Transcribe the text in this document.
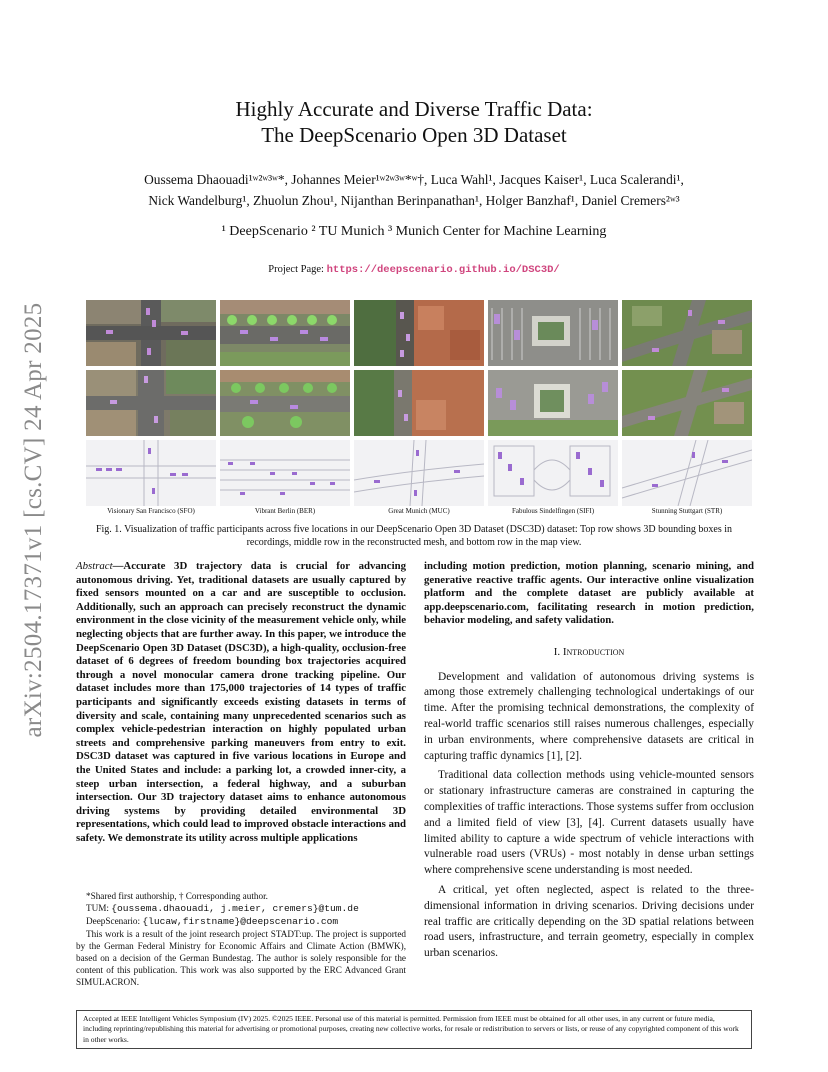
arXiv:2504.17371v1 [cs.CV] 24 Apr 2025
Highly Accurate and Diverse Traffic Data:
The DeepScenario Open 3D Dataset
Oussema Dhaouadi¹ʷ²ʷ³ʷ*, Johannes Meier¹ʷ²ʷ³ʷ*ʷ†, Luca Wahl¹, Jacques Kaiser¹, Luca Scalerandi¹,
Nick Wandelburg¹, Zhuolun Zhou¹, Nijanthan Berinpanathan¹, Holger Banzhaf¹, Daniel Cremers²ʷ³
¹ DeepScenario ² TU Munich ³ Munich Center for Machine Learning
Project Page: https://deepscenario.github.io/DSC3D/
Visionary San Francisco (SFO)	Vibrant Berlin (BER)	Great Munich (MUC)	Fabulous Sindelfingen (SIFI)	Stunning Stuttgart (STR)
Fig. 1. Visualization of traffic participants across five locations in our DeepScenario Open 3D Dataset (DSC3D) dataset: Top row shows 3D bounding boxes in recordings, middle row in the reconstructed mesh, and bottom row in the map view.
Abstract—Accurate 3D trajectory data is crucial for advancing autonomous driving. Yet, traditional datasets are usually captured by fixed sensors mounted on a car and are susceptible to occlusion. Additionally, such an approach can precisely reconstruct the dynamic environment in the close vicinity of the measurement vehicle only, while neglecting objects that are further away. In this paper, we introduce the DeepScenario Open 3D Dataset (DSC3D), a high-quality, occlusion-free dataset of 6 degrees of freedom bounding box trajectories acquired through a novel monocular camera drone tracking pipeline. Our dataset includes more than 175,000 trajectories of 14 types of traffic participants and significantly exceeds existing datasets in terms of diversity and scale, containing many unprecedented scenarios such as complex vehicle-pedestrian interaction on highly populated urban streets and comprehensive parking maneuvers from entry to exit. DSC3D dataset was captured in five various locations in Europe and the United States and include: a parking lot, a crowded inner-city, a steep urban intersection, a federal highway, and a suburban intersection. Our 3D trajectory dataset aims to enhance autonomous driving systems by providing detailed environmental 3D representations, which could lead to improved obstacle interactions and safety. We demonstrate its utility across multiple applications
including motion prediction, motion planning, scenario mining, and generative reactive traffic agents. Our interactive online visualization platform and the complete dataset are publicly available at app.deepscenario.com, facilitating research in motion prediction, behavior modeling, and safety validation.
I. Introduction

Development and validation of autonomous driving systems is among those extremely challenging technological undertakings of our time. After the promising technical demonstrations, the complexity of real-world traffic scenarios still raises numerous challenges, especially in urban environments, where comprehensive datasets are critical in capturing traffic dynamics [1], [2].

Traditional data collection methods using vehicle-mounted sensors or stationary infrastructure cameras are constrained in capturing the complexities of traffic interactions. Those systems suffer from occlusion and a limited field of view [3], [4]. Current datasets usually have limited ability to capture a wide spectrum of vehicle interactions with vulnerable road users (VRUs) - most notably in dense urban settings where comprehensive scene understanding is most needed.

A critical, yet often neglected, aspect is related to the three-dimensional information in driving scenarios. Driving decisions under real traffic are critically depending on the 3D spatial relations between road users, infrastructure, and terrain geometry, especially in complex urban scenarios.

*Shared first authorship, † Corresponding author.
TUM: {oussema.dhaouadi, j.meier, cremers}@tum.de
DeepScenario: {lucaw,firstname}@deepscenario.com
This work is a result of the joint research project STADT:up. The project is supported by the German Federal Ministry for Economic Affairs and Climate Action (BMWK), based on a decision of the German Bundestag. The author is solely responsible for the content of this publication. This work was also supported by the ERC Advanced Grant SIMULACRON.
Accepted at IEEE Intelligent Vehicles Symposium (IV) 2025. ©2025 IEEE. Personal use of this material is permitted. Permission from IEEE must be obtained for all other uses, in any current or future media, including reprinting/republishing this material for advertising or promotional purposes, creating new collective works, for resale or redistribution to servers or lists, or reuse of any copyrighted component of this work in other works.
